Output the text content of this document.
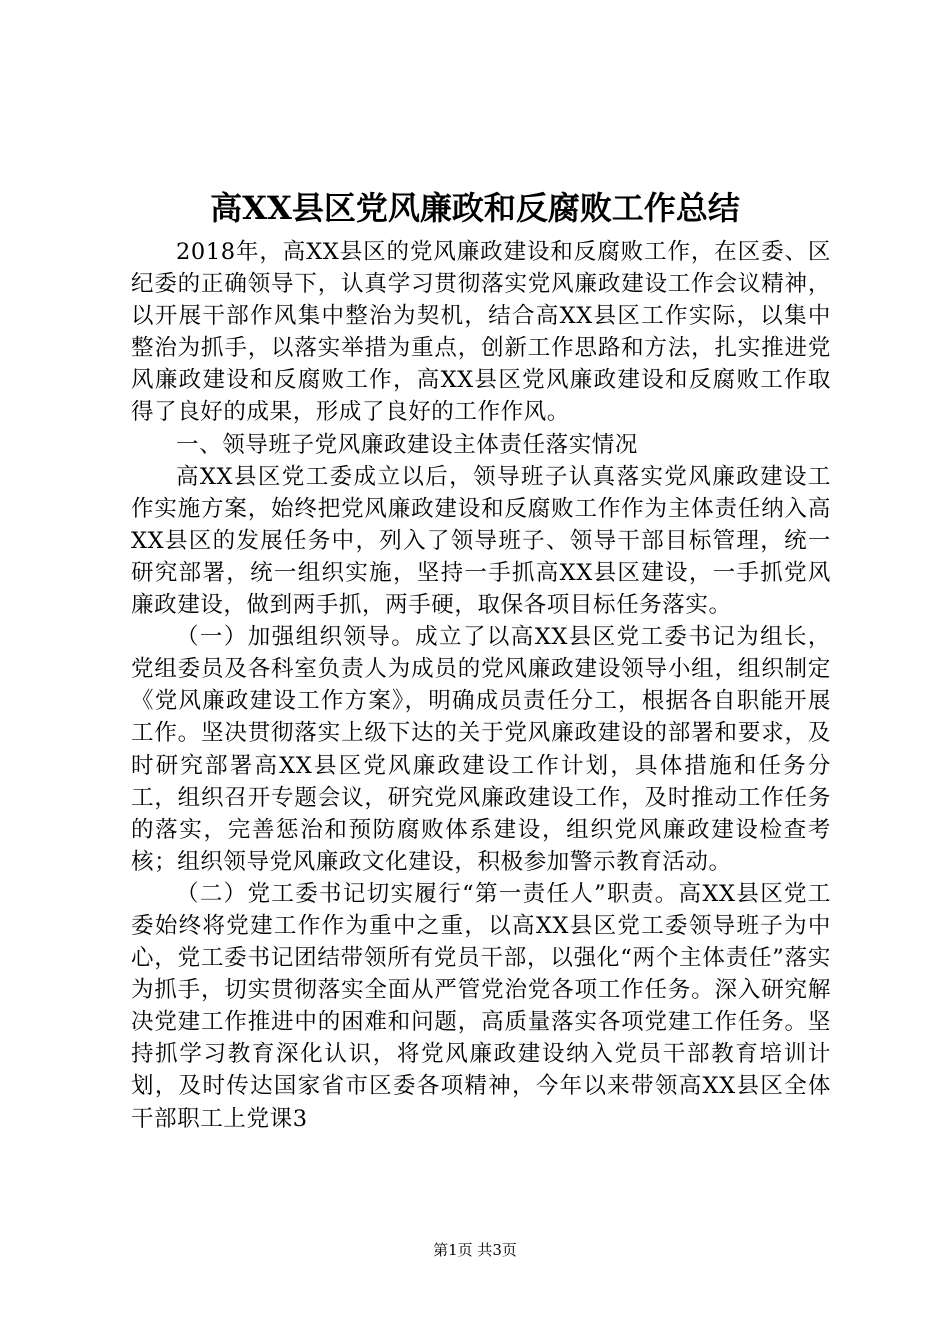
高XX县区党风廉政和反腐败工作总结

2018年，高XX县区的党风廉政建设和反腐败工作，在区委、区纪委的正确领导下，认真学习贯彻落实党风廉政建设工作会议精神，以开展干部作风集中整治为契机，结合高XX县区工作实际，以集中整治为抓手，以落实举措为重点，创新工作思路和方法，扎实推进党风廉政建设和反腐败工作，高XX县区党风廉政建设和反腐败工作取得了良好的成果，形成了良好的工作作风。

一、领导班子党风廉政建设主体责任落实情况

高XX县区党工委成立以后，领导班子认真落实党风廉政建设工作实施方案，始终把党风廉政建设和反腐败工作作为主体责任纳入高XX县区的发展任务中，列入了领导班子、领导干部目标管理，统一研究部署，统一组织实施，坚持一手抓高XX县区建设，一手抓党风廉政建设，做到两手抓，两手硬，取保各项目标任务落实。

（一）加强组织领导。成立了以高XX县区党工委书记为组长，党组委员及各科室负责人为成员的党风廉政建设领导小组，组织制定《党风廉政建设工作方案》，明确成员责任分工，根据各自职能开展工作。坚决贯彻落实上级下达的关于党风廉政建设的部署和要求，及时研究部署高XX县区党风廉政建设工作计划，具体措施和任务分工，组织召开专题会议，研究党风廉政建设工作，及时推动工作任务的落实，完善惩治和预防腐败体系建设，组织党风廉政建设检查考核；组织领导党风廉政文化建设，积极参加警示教育活动。

（二）党工委书记切实履行“第一责任人”职责。高XX县区党工委始终将党建工作作为重中之重，以高XX县区党工委领导班子为中心，党工委书记团结带领所有党员干部，以强化“两个主体责任”落实为抓手，切实贯彻落实全面从严管党治党各项工作任务。深入研究解决党建工作推进中的困难和问题，高质量落实各项党建工作任务。坚持抓学习教育深化认识，将党风廉政建设纳入党员干部教育培训计划，及时传达国家省市区委各项精神，今年以来带领高XX县区全体干部职工上党课3

第1页 共3页
